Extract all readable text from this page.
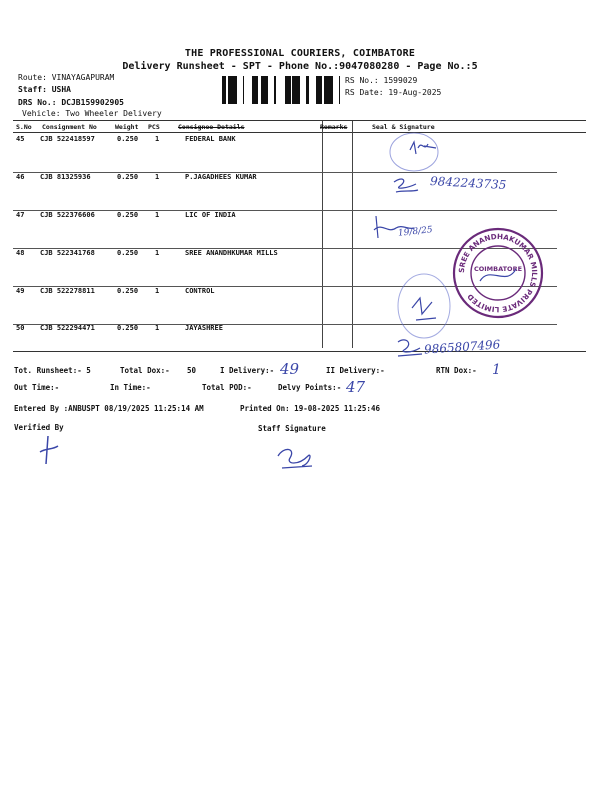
THE PROFESSIONAL COURIERS, COIMBATORE
Delivery Runsheet - SPT - Phone No.:9047080280 - Page No.:5
Route: VINAYAGAPURAM
Staff: USHA
DRS No.: DCJB159902905
Vehicle: Two Wheeler Delivery
RS No.: 1599029
RS Date: 19-Aug-2025
S.No Consignment No	Weight PCS	Consignee Details	Remarks	Seal & Signature
45 CJB 522418597	0.250 1	FEDERAL BANK
46 CJB 81325936	0.250 1	P.JAGADHEES KUMAR
47 CJB 522376606	0.250 1	LIC OF INDIA
48 CJB 522341768	0.250 1	SREE ANANDHKUMAR MILLS
49 CJB 522278811	0.250 1	CONTROL
50 CJB 522294471	0.250 1	JAYASHREE
9842243735
19/8/25
SREE ANANDHAKUMAR MILLS PRIVATE LIMITED
COIMBATORE
9865807496
Tot. Runsheet:- 5	Total Dox:- 50	I Delivery:- 49	II Delivery:-	RTN Dox:- 1
Out Time:-	In Time:-	Total POD:-	Delvy Points:- 47
Entered By :ANBUSPT 08/19/2025 11:25:14 AM	Printed On: 19-08-2025 11:25:46
Verified By	Staff Signature
